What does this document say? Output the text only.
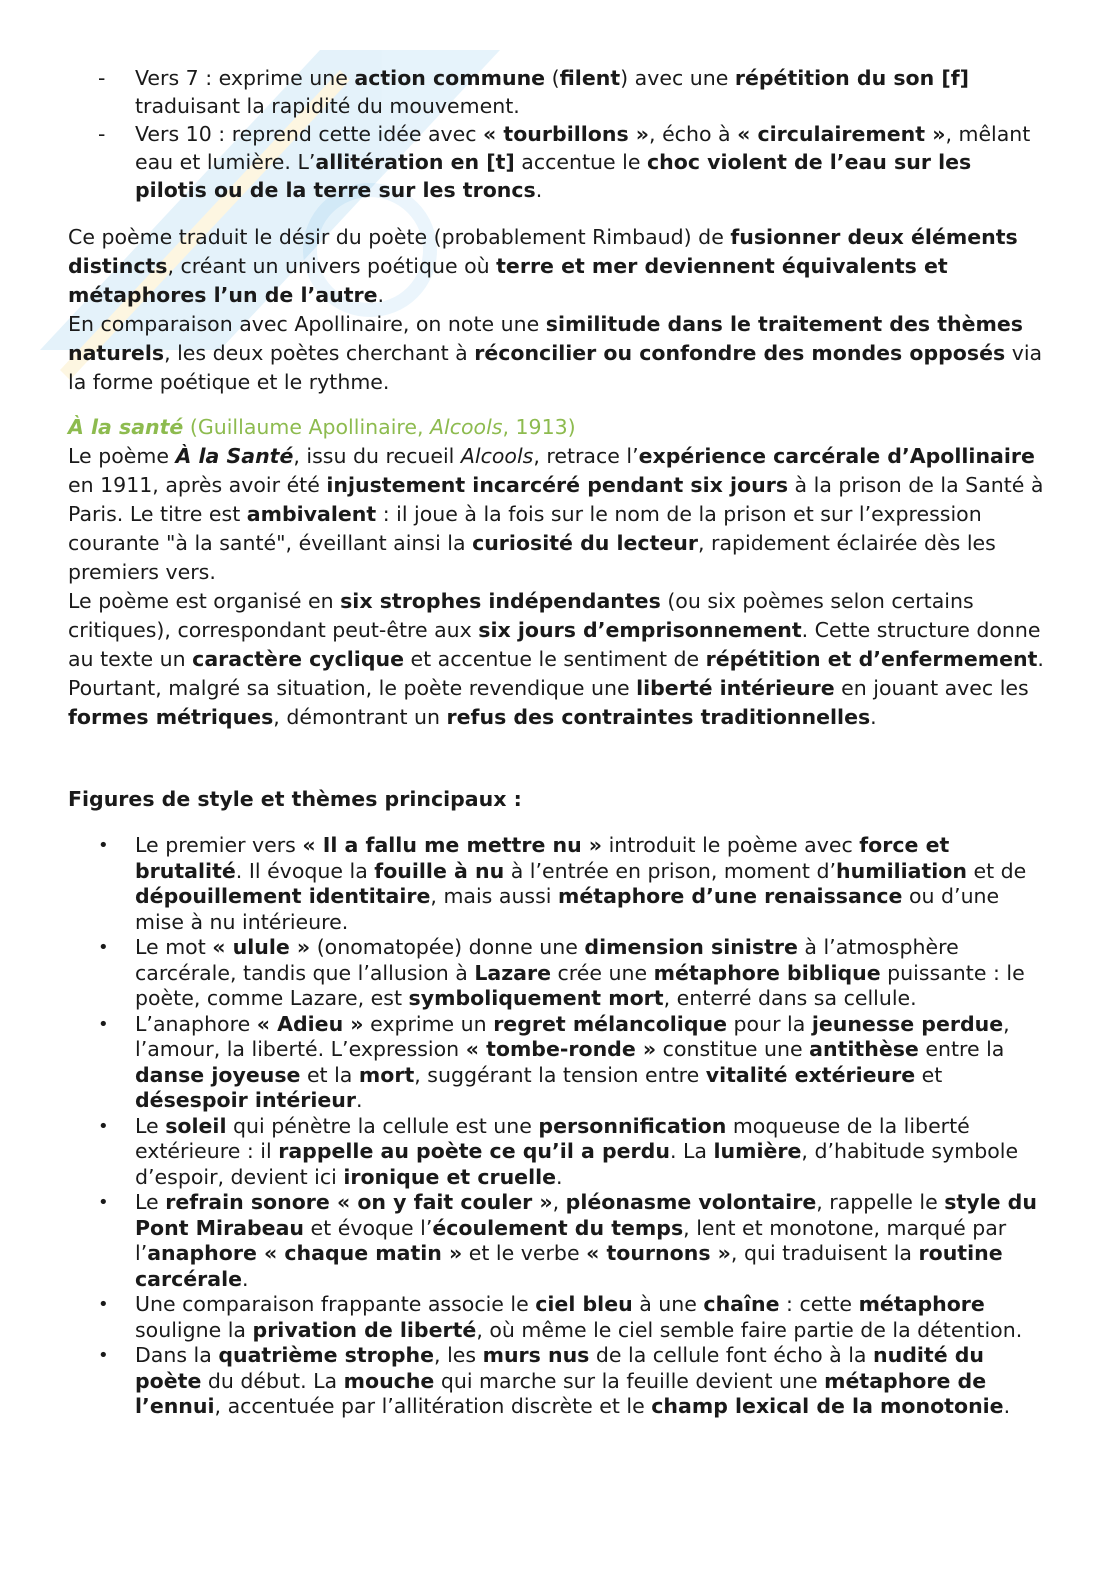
- Vers 7 : exprime une action commune (filent) avec une répétition du son [f] traduisant la rapidité du mouvement.
- Vers 10 : reprend cette idée avec « tourbillons », écho à « circulairement », mêlant eau et lumière. L’allitération en [t] accentue le choc violent de l’eau sur les pilotis ou de la terre sur les troncs.

Ce poème traduit le désir du poète (probablement Rimbaud) de fusionner deux éléments distincts, créant un univers poétique où terre et mer deviennent équivalents et métaphores l’un de l’autre.

En comparaison avec Apollinaire, on note une similitude dans le traitement des thèmes naturels, les deux poètes cherchant à réconcilier ou confondre des mondes opposés via la forme poétique et le rythme.

À la santé (Guillaume Apollinaire, Alcools, 1913)

Le poème À la Santé, issu du recueil Alcools, retrace l’expérience carcérale d’Apollinaire en 1911, après avoir été injustement incarcéré pendant six jours à la prison de la Santé à Paris. Le titre est ambivalent : il joue à la fois sur le nom de la prison et sur l’expression courante "à la santé", éveillant ainsi la curiosité du lecteur, rapidement éclairée dès les premiers vers.

Le poème est organisé en six strophes indépendantes (ou six poèmes selon certains critiques), correspondant peut-être aux six jours d’emprisonnement. Cette structure donne au texte un caractère cyclique et accentue le sentiment de répétition et d’enfermement. Pourtant, malgré sa situation, le poète revendique une liberté intérieure en jouant avec les formes métriques, démontrant un refus des contraintes traditionnelles.

Figures de style et thèmes principaux :
• Le premier vers « Il a fallu me mettre nu » introduit le poème avec force et brutalité. Il évoque la fouille à nu à l’entrée en prison, moment d’humiliation et de dépouillement identitaire, mais aussi métaphore d’une renaissance ou d’une mise à nu intérieure.
• Le mot « ulule » (onomatopée) donne une dimension sinistre à l’atmosphère carcérale, tandis que l’allusion à Lazare crée une métaphore biblique puissante : le poète, comme Lazare, est symboliquement mort, enterré dans sa cellule.
• L’anaphore « Adieu » exprime un regret mélancolique pour la jeunesse perdue, l’amour, la liberté. L’expression « tombe-ronde » constitue une antithèse entre la danse joyeuse et la mort, suggérant la tension entre vitalité extérieure et désespoir intérieur.
• Le soleil qui pénètre la cellule est une personnification moqueuse de la liberté extérieure : il rappelle au poète ce qu’il a perdu. La lumière, d’habitude symbole d’espoir, devient ici ironique et cruelle.
• Le refrain sonore « on y fait couler », pléonasme volontaire, rappelle le style du Pont Mirabeau et évoque l’écoulement du temps, lent et monotone, marqué par l’anaphore « chaque matin » et le verbe « tournons », qui traduisent la routine carcérale.
• Une comparaison frappante associe le ciel bleu à une chaîne : cette métaphore souligne la privation de liberté, où même le ciel semble faire partie de la détention.
• Dans la quatrième strophe, les murs nus de la cellule font écho à la nudité du poète du début. La mouche qui marche sur la feuille devient une métaphore de l’ennui, accentuée par l’allitération discrète et le champ lexical de la monotonie.
